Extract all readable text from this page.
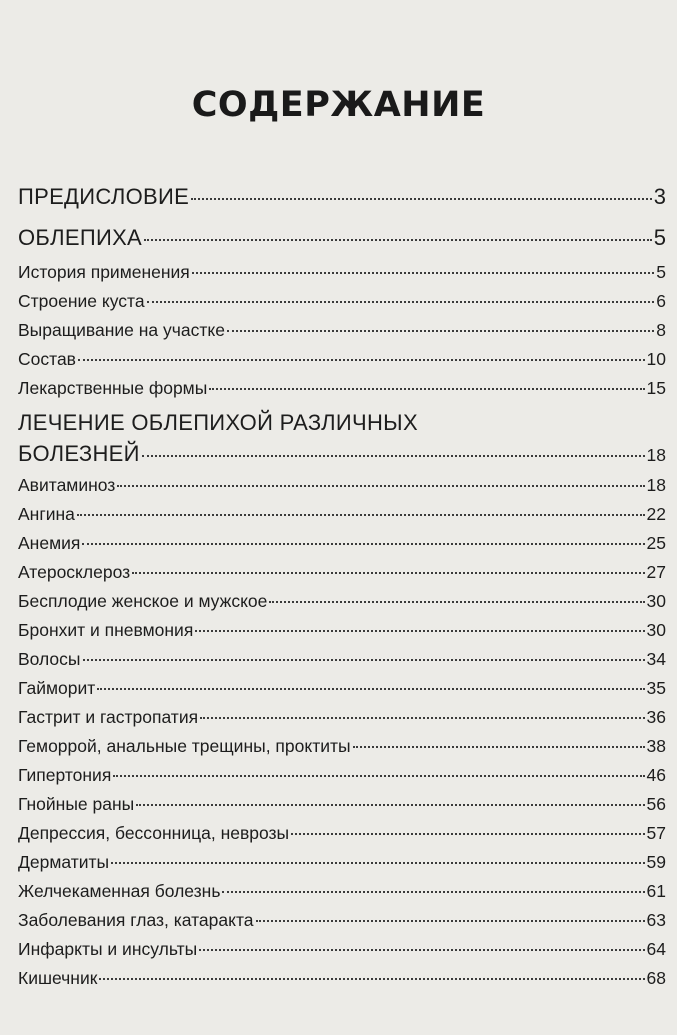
СОДЕРЖАНИЕ
ПРЕДИСЛОВИЕ	3
ОБЛЕПИХА	5
История применения	5
Строение куста	6
Выращивание на участке	8
Состав	10
Лекарственные формы	15
ЛЕЧЕНИЕ ОБЛЕПИХОЙ РАЗЛИЧНЫХ
БОЛЕЗНЕЙ	18
Авитаминоз	18
Ангина	22
Анемия	25
Атеросклероз	27
Бесплодие женское и мужское	30
Бронхит и пневмония	30
Волосы	34
Гайморит	35
Гастрит и гастропатия	36
Геморрой, анальные трещины, проктиты	38
Гипертония	46
Гнойные раны	56
Депрессия, бессонница, неврозы	57
Дерматиты	59
Желчекаменная болезнь	61
Заболевания глаз, катаракта	63
Инфаркты и инсульты	64
Кишечник	68
